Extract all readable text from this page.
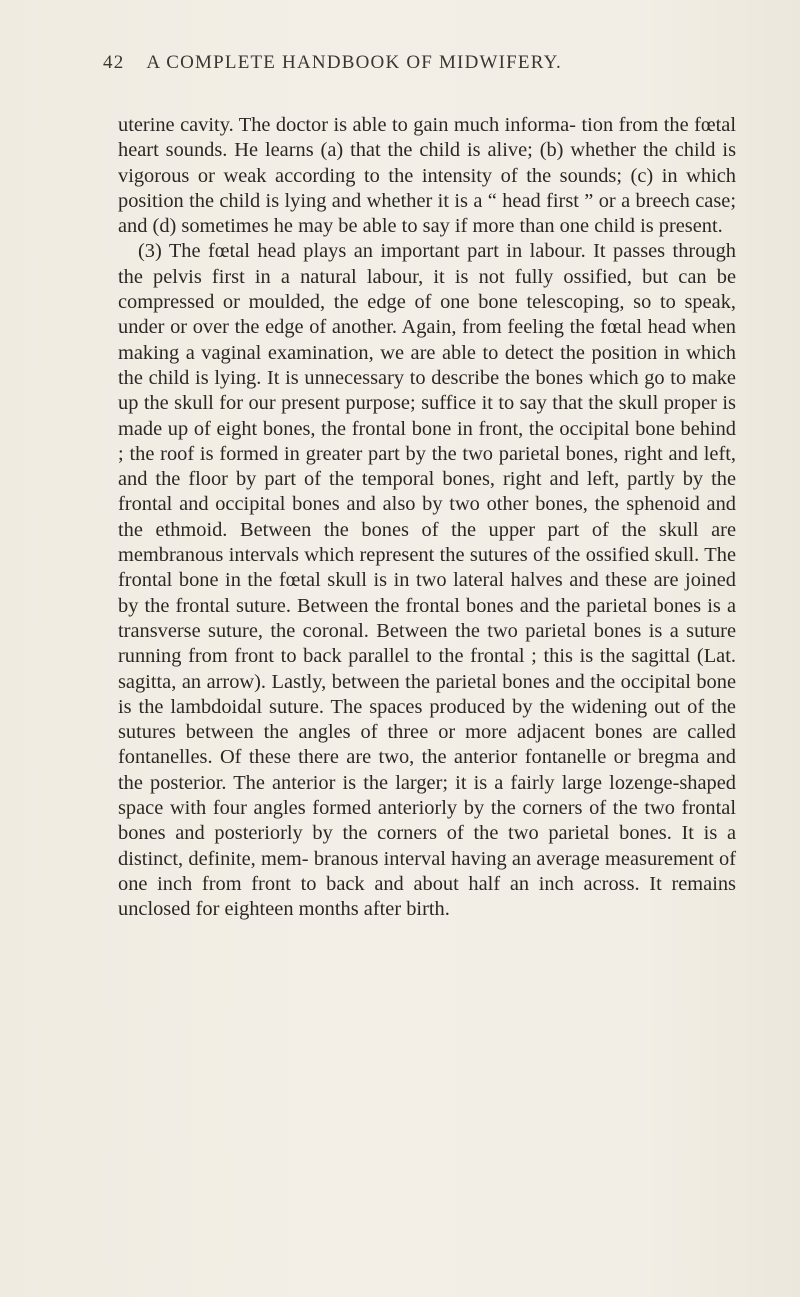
42 A COMPLETE HANDBOOK OF MIDWIFERY.

uterine cavity. The doctor is able to gain much informa- tion from the fœtal heart sounds. He learns (a) that the child is alive; (b) whether the child is vigorous or weak according to the intensity of the sounds; (c) in which position the child is lying and whether it is a “ head first ” or a breech case; and (d) sometimes he may be able to say if more than one child is present.

(3) The fœtal head plays an important part in labour. It passes through the pelvis first in a natural labour, it is not fully ossified, but can be compressed or moulded, the edge of one bone telescoping, so to speak, under or over the edge of another. Again, from feeling the fœtal head when making a vaginal examination, we are able to detect the position in which the child is lying. It is unnecessary to describe the bones which go to make up the skull for our present purpose; suffice it to say that the skull proper is made up of eight bones, the frontal bone in front, the occipital bone behind ; the roof is formed in greater part by the two parietal bones, right and left, and the floor by part of the temporal bones, right and left, partly by the frontal and occipital bones and also by two other bones, the sphenoid and the ethmoid. Between the bones of the upper part of the skull are membranous intervals which represent the sutures of the ossified skull. The frontal bone in the fœtal skull is in two lateral halves and these are joined by the frontal suture. Between the frontal bones and the parietal bones is a transverse suture, the coronal. Between the two parietal bones is a suture running from front to back parallel to the frontal ; this is the sagittal (Lat. sagitta, an arrow). Lastly, between the parietal bones and the occipital bone is the lambdoidal suture. The spaces produced by the widening out of the sutures between the angles of three or more adjacent bones are called fontanelles. Of these there are two, the anterior fontanelle or bregma and the posterior. The anterior is the larger; it is a fairly large lozenge-shaped space with four angles formed anteriorly by the corners of the two frontal bones and posteriorly by the corners of the two parietal bones. It is a distinct, definite, mem- branous interval having an average measurement of one inch from front to back and about half an inch across. It remains unclosed for eighteen months after birth.
